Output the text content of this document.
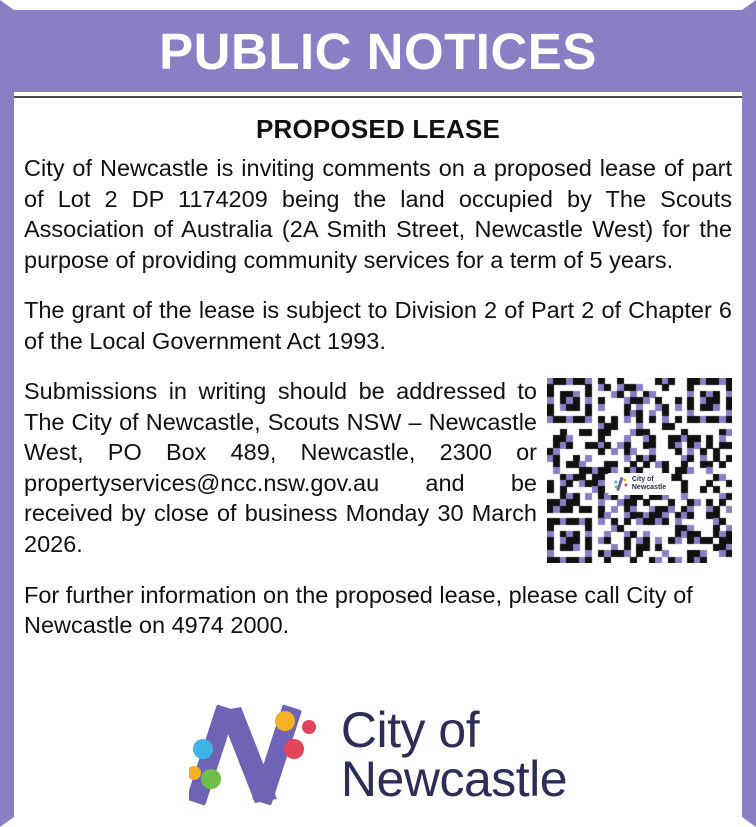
PUBLIC NOTICES
PROPOSED LEASE

City of Newcastle is inviting comments on a proposed lease of part of Lot 2 DP 1174209 being the land occupied by The Scouts Association of Australia (2A Smith Street, Newcastle West) for the purpose of providing community services for a term of 5 years.

The grant of the lease is subject to Division 2 of Part 2 of Chapter 6 of the Local Government Act 1993.

City of
Newcastle

Submissions in writing should be addressed to The City of Newcastle, Scouts NSW – Newcastle West, PO Box 489, Newcastle, 2300 or propertyservices@ncc.nsw.gov.au and be received by close of business Monday 30 March 2026.

For further information on the proposed lease, please call City of Newcastle on 4974 2000.

City of
Newcastle
